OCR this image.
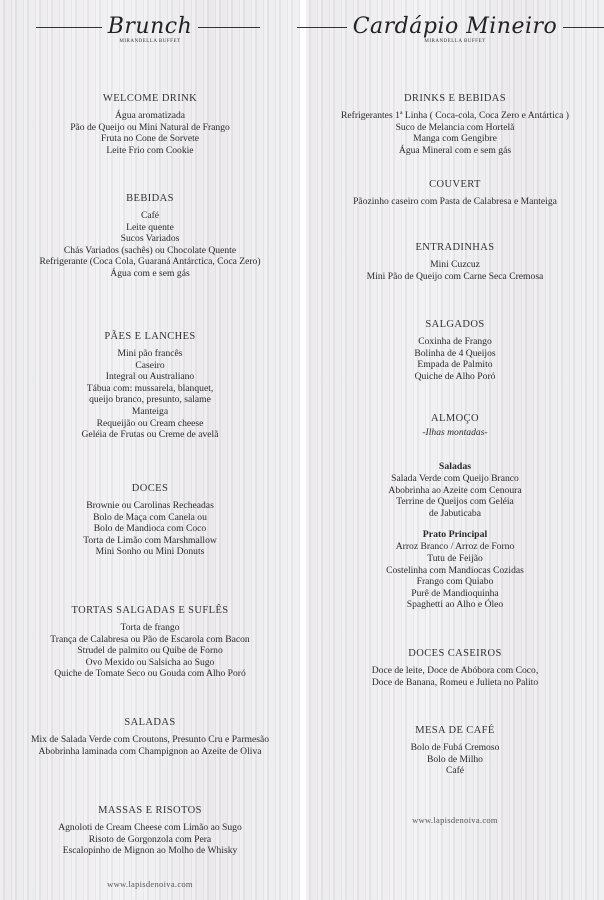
Brunch
MIRANDELLA BUFFET
WELCOME DRINK
Água aromatizada
Pão de Queijo ou Mini Natural de Frango
Fruta no Cone de Sorvete
Leite Frio com Cookie
BEBIDAS
Café
Leite quente
Sucos Variados
Chás Variados (sachês) ou Chocolate Quente
Refrigerante (Coca Cola, Guaraná Antárctica, Coca Zero)
Água com e sem gás
PÃES E LANCHES
Mini pão francês
Caseiro
Integral ou Australiano
Tábua com: mussarela, blanquet,
queijo branco, presunto, salame
Manteiga
Requeijão ou Cream cheese
Geléia de Frutas ou Creme de avelã
DOCES
Brownie ou Carolinas Recheadas
Bolo de Maça com Canela ou
Bolo de Mandioca com Coco
Torta de Limão com Marshmallow
Mini Sonho ou Mini Donuts
TORTAS SALGADAS E SUFLÊS
Torta de frango
Trança de Calabresa ou Pão de Escarola com Bacon
Strudel de palmito ou Quibe de Forno
Ovo Mexido ou Salsicha ao Sugo
Quiche de Tomate Seco ou Gouda com Alho Poró
SALADAS
Mix de Salada Verde com Croutons, Presunto Cru e Parmesão
Abobrinha laminada com Champignon ao Azeite de Oliva
MASSAS E RISOTOS
Agnoloti de Cream Cheese com Limão ao Sugo
Risoto de Gorgonzola com Pera
Escalopinho de Mignon ao Molho de Whisky
www.lapisdenoiva.com
Cardápio Mineiro
MIRANDELLA BUFFET
DRINKS E BEBIDAS
Refrigerantes 1ª Linha ( Coca-cola, Coca Zero e Antártica )
Suco de Melancia com Hortelã
Manga com Gengibre
Água Mineral com e sem gás
COUVERT
Pãozinho caseiro com Pasta de Calabresa e Manteiga
ENTRADINHAS
Mini Cuzcuz
Mini Pão de Queijo com Carne Seca Cremosa
SALGADOS
Coxinha de Frango
Bolinha de 4 Queijos
Empada de Palmito
Quiche de Alho Poró
ALMOÇO
-Ilhas montadas-
Saladas
Salada Verde com Queijo Branco
Abobrinha ao Azeite com Cenoura
Terrine de Queijos com Geléia
de Jabuticaba
Prato Principal
Arroz Branco / Arroz de Forno
Tutu de Feijão
Costelinha com Mandiocas Cozidas
Frango com Quiabo
Purê de Mandioquinha
Spaghetti ao Alho e Óleo
DOCES CASEIROS
Doce de leite, Doce de Abóbora com Coco,
Doce de Banana, Romeu e Julieta no Palito
MESA DE CAFÉ
Bolo de Fubá Cremoso
Bolo de Milho
Café
www.lapisdenoiva.com
